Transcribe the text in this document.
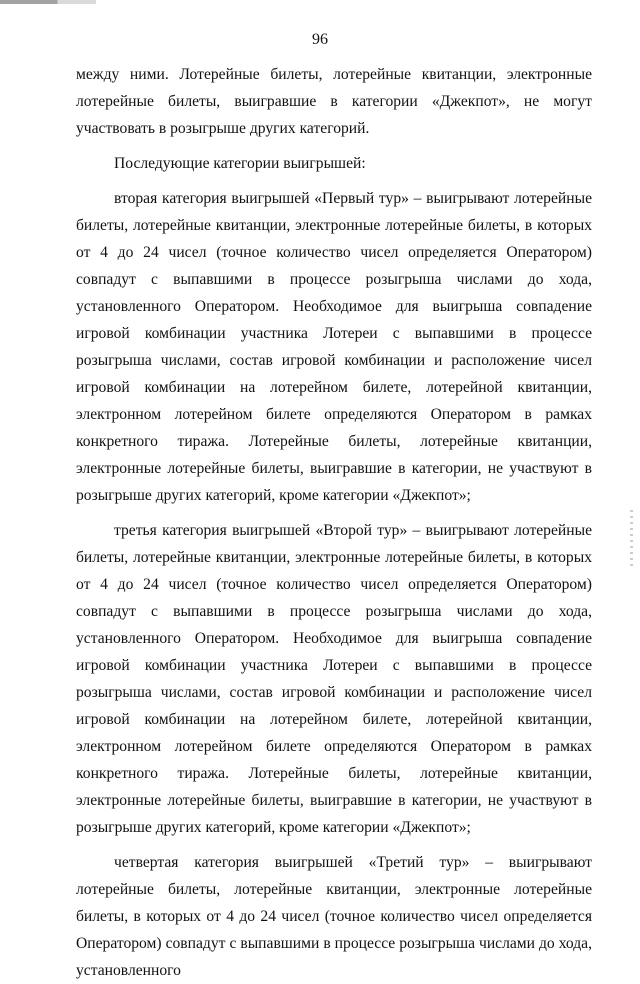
96

между ними. Лотерейные билеты, лотерейные квитанции, электронные лотерейные билеты, выигравшие в категории «Джекпот», не могут участвовать в розыгрыше других категорий.

Последующие категории выигрышей:

вторая категория выигрышей «Первый тур» – выигрывают лотерейные билеты, лотерейные квитанции, электронные лотерейные билеты, в которых от 4 до 24 чисел (точное количество чисел определяется Оператором) совпадут с выпавшими в процессе розыгрыша числами до хода, установленного Оператором. Необходимое для выигрыша совпадение игровой комбинации участника Лотереи с выпавшими в процессе розыгрыша числами, состав игровой комбинации и расположение чисел игровой комбинации на лотерейном билете, лотерейной квитанции, электронном лотерейном билете определяются Оператором в рамках конкретного тиража. Лотерейные билеты, лотерейные квитанции, электронные лотерейные билеты, выигравшие в категории, не участвуют в розыгрыше других категорий, кроме категории «Джекпот»;

третья категория выигрышей «Второй тур» – выигрывают лотерейные билеты, лотерейные квитанции, электронные лотерейные билеты, в которых от 4 до 24 чисел (точное количество чисел определяется Оператором) совпадут с выпавшими в процессе розыгрыша числами до хода, установленного Оператором. Необходимое для выигрыша совпадение игровой комбинации участника Лотереи с выпавшими в процессе розыгрыша числами, состав игровой комбинации и расположение чисел игровой комбинации на лотерейном билете, лотерейной квитанции, электронном лотерейном билете определяются Оператором в рамках конкретного тиража. Лотерейные билеты, лотерейные квитанции, электронные лотерейные билеты, выигравшие в категории, не участвуют в розыгрыше других категорий, кроме категории «Джекпот»;

четвертая категория выигрышей «Третий тур» – выигрывают лотерейные билеты, лотерейные квитанции, электронные лотерейные билеты, в которых от 4 до 24 чисел (точное количество чисел определяется Оператором) совпадут с выпавшими в процессе розыгрыша числами до хода, установленного
